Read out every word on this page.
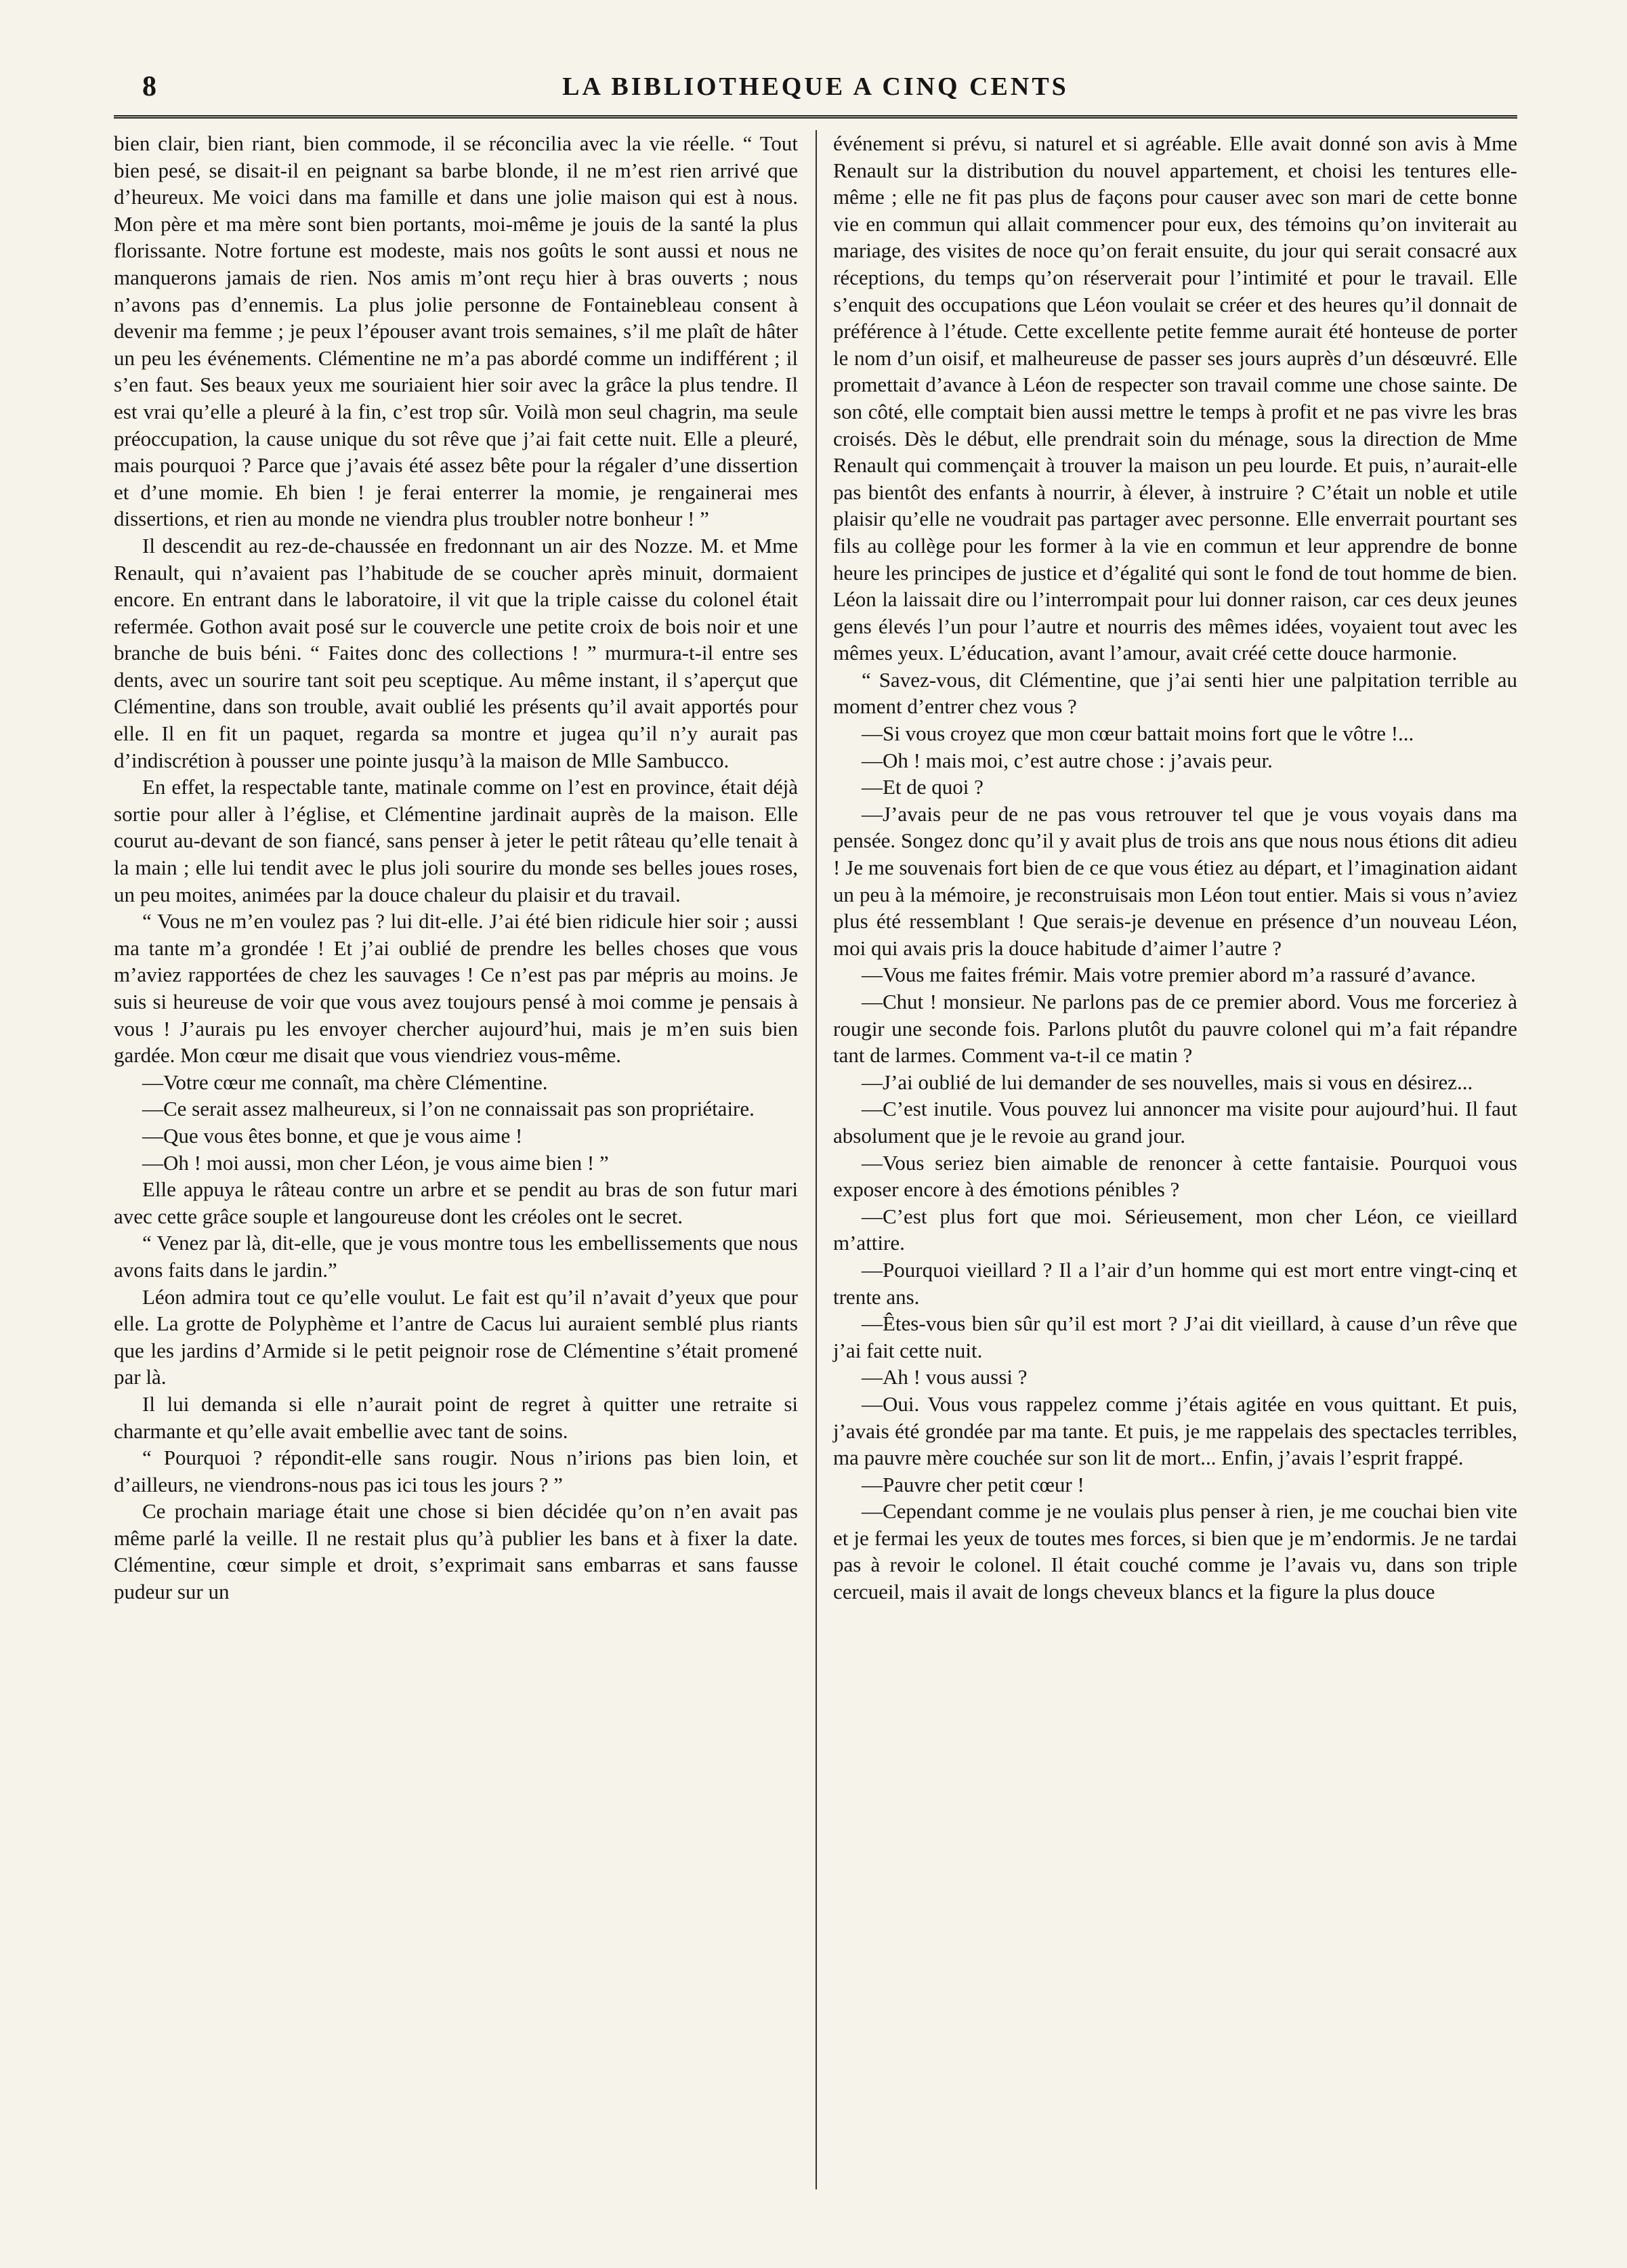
8	LA BIBLIOTHEQUE A CINQ CENTS

bien clair, bien riant, bien commode, il se réconcilia avec la vie réelle. “ Tout bien pesé, se disait-il en peignant sa barbe blonde, il ne m’est rien arrivé que d’heureux. Me voici dans ma famille et dans une jolie maison qui est à nous. Mon père et ma mère sont bien portants, moi-même je jouis de la santé la plus florissante. Notre fortune est modeste, mais nos goûts le sont aussi et nous ne manquerons jamais de rien. Nos amis m’ont reçu hier à bras ouverts ; nous n’avons pas d’ennemis. La plus jolie personne de Fontainebleau consent à devenir ma femme ; je peux l’épouser avant trois semaines, s’il me plaît de hâter un peu les événements. Clémentine ne m’a pas abordé comme un indifférent ; il s’en faut. Ses beaux yeux me souriaient hier soir avec la grâce la plus tendre. Il est vrai qu’elle a pleuré à la fin, c’est trop sûr. Voilà mon seul chagrin, ma seule préoccupation, la cause unique du sot rêve que j’ai fait cette nuit. Elle a pleuré, mais pourquoi ? Parce que j’avais été assez bête pour la régaler d’une dissertion et d’une momie. Eh bien ! je ferai enterrer la momie, je rengainerai mes dissertions, et rien au monde ne viendra plus troubler notre bonheur ! ”

Il descendit au rez-de-chaussée en fredonnant un air des Nozze. M. et Mme Renault, qui n’avaient pas l’habitude de se coucher après minuit, dormaient encore. En entrant dans le laboratoire, il vit que la triple caisse du colonel était refermée. Gothon avait posé sur le couvercle une petite croix de bois noir et une branche de buis béni. “ Faites donc des collections ! ” murmura-t-il entre ses dents, avec un sourire tant soit peu sceptique. Au même instant, il s’aperçut que Clémentine, dans son trouble, avait oublié les présents qu’il avait apportés pour elle. Il en fit un paquet, regarda sa montre et jugea qu’il n’y aurait pas d’indiscrétion à pousser une pointe jusqu’à la maison de Mlle Sambucco.

En effet, la respectable tante, matinale comme on l’est en province, était déjà sortie pour aller à l’église, et Clémentine jardinait auprès de la maison. Elle courut au-devant de son fiancé, sans penser à jeter le petit râteau qu’elle tenait à la main ; elle lui tendit avec le plus joli sourire du monde ses belles joues roses, un peu moites, animées par la douce chaleur du plaisir et du travail.

“ Vous ne m’en voulez pas ? lui dit-elle. J’ai été bien ridicule hier soir ; aussi ma tante m’a grondée ! Et j’ai oublié de prendre les belles choses que vous m’aviez rapportées de chez les sauvages ! Ce n’est pas par mépris au moins. Je suis si heureuse de voir que vous avez toujours pensé à moi comme je pensais à vous ! J’aurais pu les envoyer chercher aujourd’hui, mais je m’en suis bien gardée. Mon cœur me disait que vous viendriez vous-même.

—Votre cœur me connaît, ma chère Clémentine.

—Ce serait assez malheureux, si l’on ne connaissait pas son propriétaire.

—Que vous êtes bonne, et que je vous aime !

—Oh ! moi aussi, mon cher Léon, je vous aime bien ! ”

Elle appuya le râteau contre un arbre et se pendit au bras de son futur mari avec cette grâce souple et langoureuse dont les créoles ont le secret.

“ Venez par là, dit-elle, que je vous montre tous les embellissements que nous avons faits dans le jardin.”

Léon admira tout ce qu’elle voulut. Le fait est qu’il n’avait d’yeux que pour elle. La grotte de Polyphème et l’antre de Cacus lui auraient semblé plus riants que les jardins d’Armide si le petit peignoir rose de Clémentine s’était promené par là.

Il lui demanda si elle n’aurait point de regret à quitter une retraite si charmante et qu’elle avait embellie avec tant de soins.

“ Pourquoi ? répondit-elle sans rougir. Nous n’irions pas bien loin, et d’ailleurs, ne viendrons-nous pas ici tous les jours ? ”

Ce prochain mariage était une chose si bien décidée qu’on n’en avait pas même parlé la veille. Il ne restait plus qu’à publier les bans et à fixer la date. Clémentine, cœur simple et droit, s’exprimait sans embarras et sans fausse pudeur sur un

événement si prévu, si naturel et si agréable. Elle avait donné son avis à Mme Renault sur la distribution du nouvel appartement, et choisi les tentures elle-même ; elle ne fit pas plus de façons pour causer avec son mari de cette bonne vie en commun qui allait commencer pour eux, des témoins qu’on inviterait au mariage, des visites de noce qu’on ferait ensuite, du jour qui serait consacré aux réceptions, du temps qu’on réserverait pour l’intimité et pour le travail. Elle s’enquit des occupations que Léon voulait se créer et des heures qu’il donnait de préférence à l’étude. Cette excellente petite femme aurait été honteuse de porter le nom d’un oisif, et malheureuse de passer ses jours auprès d’un désœuvré. Elle promettait d’avance à Léon de respecter son travail comme une chose sainte. De son côté, elle comptait bien aussi mettre le temps à profit et ne pas vivre les bras croisés. Dès le début, elle prendrait soin du ménage, sous la direction de Mme Renault qui commençait à trouver la maison un peu lourde. Et puis, n’aurait-elle pas bientôt des enfants à nourrir, à élever, à instruire ? C’était un noble et utile plaisir qu’elle ne voudrait pas partager avec personne. Elle enverrait pourtant ses fils au collège pour les former à la vie en commun et leur apprendre de bonne heure les principes de justice et d’égalité qui sont le fond de tout homme de bien. Léon la laissait dire ou l’interrompait pour lui donner raison, car ces deux jeunes gens élevés l’un pour l’autre et nourris des mêmes idées, voyaient tout avec les mêmes yeux. L’éducation, avant l’amour, avait créé cette douce harmonie.

“ Savez-vous, dit Clémentine, que j’ai senti hier une palpitation terrible au moment d’entrer chez vous ?

—Si vous croyez que mon cœur battait moins fort que le vôtre !...

—Oh ! mais moi, c’est autre chose : j’avais peur.

—Et de quoi ?

—J’avais peur de ne pas vous retrouver tel que je vous voyais dans ma pensée. Songez donc qu’il y avait plus de trois ans que nous nous étions dit adieu ! Je me souvenais fort bien de ce que vous étiez au départ, et l’imagination aidant un peu à la mémoire, je reconstruisais mon Léon tout entier. Mais si vous n’aviez plus été ressemblant ! Que serais-je devenue en présence d’un nouveau Léon, moi qui avais pris la douce habitude d’aimer l’autre ?

—Vous me faites frémir. Mais votre premier abord m’a rassuré d’avance.

—Chut ! monsieur. Ne parlons pas de ce premier abord. Vous me forceriez à rougir une seconde fois. Parlons plutôt du pauvre colonel qui m’a fait répandre tant de larmes. Comment va-t-il ce matin ?

—J’ai oublié de lui demander de ses nouvelles, mais si vous en désirez...

—C’est inutile. Vous pouvez lui annoncer ma visite pour aujourd’hui. Il faut absolument que je le revoie au grand jour.

—Vous seriez bien aimable de renoncer à cette fantaisie. Pourquoi vous exposer encore à des émotions pénibles ?

—C’est plus fort que moi. Sérieusement, mon cher Léon, ce vieillard m’attire.

—Pourquoi vieillard ? Il a l’air d’un homme qui est mort entre vingt-cinq et trente ans.

—Êtes-vous bien sûr qu’il est mort ? J’ai dit vieillard, à cause d’un rêve que j’ai fait cette nuit.

—Ah ! vous aussi ?

—Oui. Vous vous rappelez comme j’étais agitée en vous quittant. Et puis, j’avais été grondée par ma tante. Et puis, je me rappelais des spectacles terribles, ma pauvre mère couchée sur son lit de mort... Enfin, j’avais l’esprit frappé.

—Pauvre cher petit cœur !

—Cependant comme je ne voulais plus penser à rien, je me couchai bien vite et je fermai les yeux de toutes mes forces, si bien que je m’endormis. Je ne tardai pas à revoir le colonel. Il était couché comme je l’avais vu, dans son triple cercueil, mais il avait de longs cheveux blancs et la figure la plus douce
